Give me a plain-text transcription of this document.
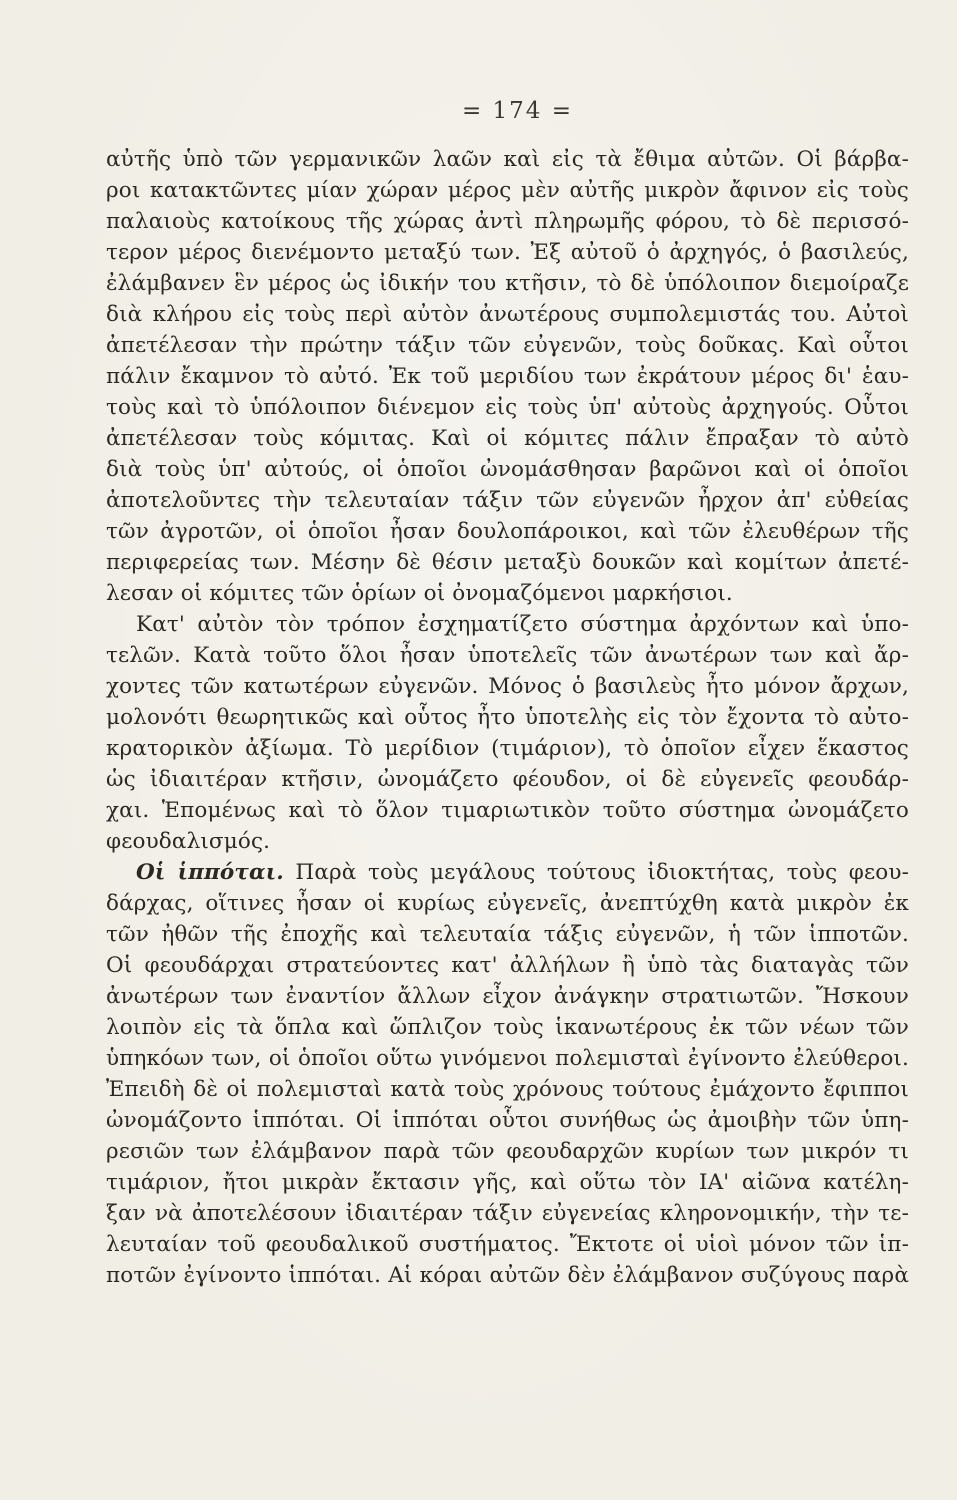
= 174 =
αὐτῆς ὑπὸ τῶν γερμανικῶν λαῶν καὶ εἰς τὰ ἔθιμα αὐτῶν. Οἱ βάρβα-
ροι κατακτῶντες μίαν χώραν μέρος μὲν αὐτῆς μικρὸν ἄφινον εἰς τοὺς
παλαιοὺς κατοίκους τῆς χώρας ἀντὶ πληρωμῆς φόρου, τὸ δὲ περισσό-
τερον μέρος διενέμοντο μεταξύ των. Ἐξ αὐτοῦ ὁ ἀρχηγός, ὁ βασιλεύς,
ἐλάμβανεν ἓν μέρος ὡς ἰδικήν του κτῆσιν, τὸ δὲ ὑπόλοιπον διεμοίραζε
διὰ κλήρου εἰς τοὺς περὶ αὐτὸν ἀνωτέρους συμπολεμιστάς του. Αὐτοὶ
ἀπετέλεσαν τὴν πρώτην τάξιν τῶν εὐγενῶν, τοὺς δοῦκας. Καὶ οὗτοι
πάλιν ἔκαμνον τὸ αὐτό. Ἐκ τοῦ μεριδίου των ἐκράτουν μέρος δι' ἑαυ-
τοὺς καὶ τὸ ὑπόλοιπον διένεμον εἰς τοὺς ὑπ' αὐτοὺς ἀρχηγούς. Οὗτοι
ἀπετέλεσαν τοὺς κόμιτας. Καὶ οἱ κόμιτες πάλιν ἔπραξαν τὸ αὐτὸ
διὰ τοὺς ὑπ' αὐτούς, οἱ ὁποῖοι ὠνομάσθησαν βαρῶνοι καὶ οἱ ὁποῖοι
ἀποτελοῦντες τὴν τελευταίαν τάξιν τῶν εὐγενῶν ἦρχον ἀπ' εὐθείας
τῶν ἀγροτῶν, οἱ ὁποῖοι ἦσαν δουλοπάροικοι, καὶ τῶν ἐλευθέρων τῆς
περιφερείας των. Μέσην δὲ θέσιν μεταξὺ δουκῶν καὶ κομίτων ἀπετέ-
λεσαν οἱ κόμιτες τῶν ὁρίων οἱ ὀνομαζόμενοι μαρκήσιοι.
Κατ' αὐτὸν τὸν τρόπον ἐσχηματίζετο σύστημα ἀρχόντων καὶ ὑπο-
τελῶν. Κατὰ τοῦτο ὅλοι ἦσαν ὑποτελεῖς τῶν ἀνωτέρων των καὶ ἄρ-
χοντες τῶν κατωτέρων εὐγενῶν. Μόνος ὁ βασιλεὺς ἦτο μόνον ἄρχων,
μολονότι θεωρητικῶς καὶ οὗτος ἦτο ὑποτελὴς εἰς τὸν ἔχοντα τὸ αὐτο-
κρατορικὸν ἀξίωμα. Τὸ μερίδιον (τιμάριον), τὸ ὁποῖον εἶχεν ἕκαστος
ὡς ἰδιαιτέραν κτῆσιν, ὠνομάζετο φέουδον, οἱ δὲ εὐγενεῖς φεουδάρ-
χαι. Ἑπομένως καὶ τὸ ὅλον τιμαριωτικὸν τοῦτο σύστημα ὠνομάζετο
φεουδαλισμός.
Οἱ ἱππόται. Παρὰ τοὺς μεγάλους τούτους ἰδιοκτήτας, τοὺς φεου-
δάρχας, οἵτινες ἦσαν οἱ κυρίως εὐγενεῖς, ἀνεπτύχθη κατὰ μικρὸν ἐκ
τῶν ἠθῶν τῆς ἐποχῆς καὶ τελευταία τάξις εὐγενῶν, ἡ τῶν ἱπποτῶν.
Οἱ φεουδάρχαι στρατεύοντες κατ' ἀλλήλων ἢ ὑπὸ τὰς διαταγὰς τῶν
ἀνωτέρων των ἐναντίον ἄλλων εἶχον ἀνάγκην στρατιωτῶν. Ἤσκουν
λοιπὸν εἰς τὰ ὅπλα καὶ ὥπλιζον τοὺς ἱκανωτέρους ἐκ τῶν νέων τῶν
ὑπηκόων των, οἱ ὁποῖοι οὕτω γινόμενοι πολεμισταὶ ἐγίνοντο ἐλεύθεροι.
Ἐπειδὴ δὲ οἱ πολεμισταὶ κατὰ τοὺς χρόνους τούτους ἐμάχοντο ἔφιπποι
ὠνομάζοντο ἱππόται. Οἱ ἱππόται οὗτοι συνήθως ὡς ἀμοιβὴν τῶν ὑπη-
ρεσιῶν των ἐλάμβανον παρὰ τῶν φεουδαρχῶν κυρίων των μικρόν τι
τιμάριον, ἤτοι μικρὰν ἔκτασιν γῆς, καὶ οὕτω τὸν ΙΑ' αἰῶνα κατέλη-
ξαν νὰ ἀποτελέσουν ἰδιαιτέραν τάξιν εὐγενείας κληρονομικήν, τὴν τε-
λευταίαν τοῦ φεουδαλικοῦ συστήματος. Ἔκτοτε οἱ υἱοὶ μόνον τῶν ἱπ-
ποτῶν ἐγίνοντο ἱππόται. Αἱ κόραι αὐτῶν δὲν ἐλάμβανον συζύγους παρὰ
